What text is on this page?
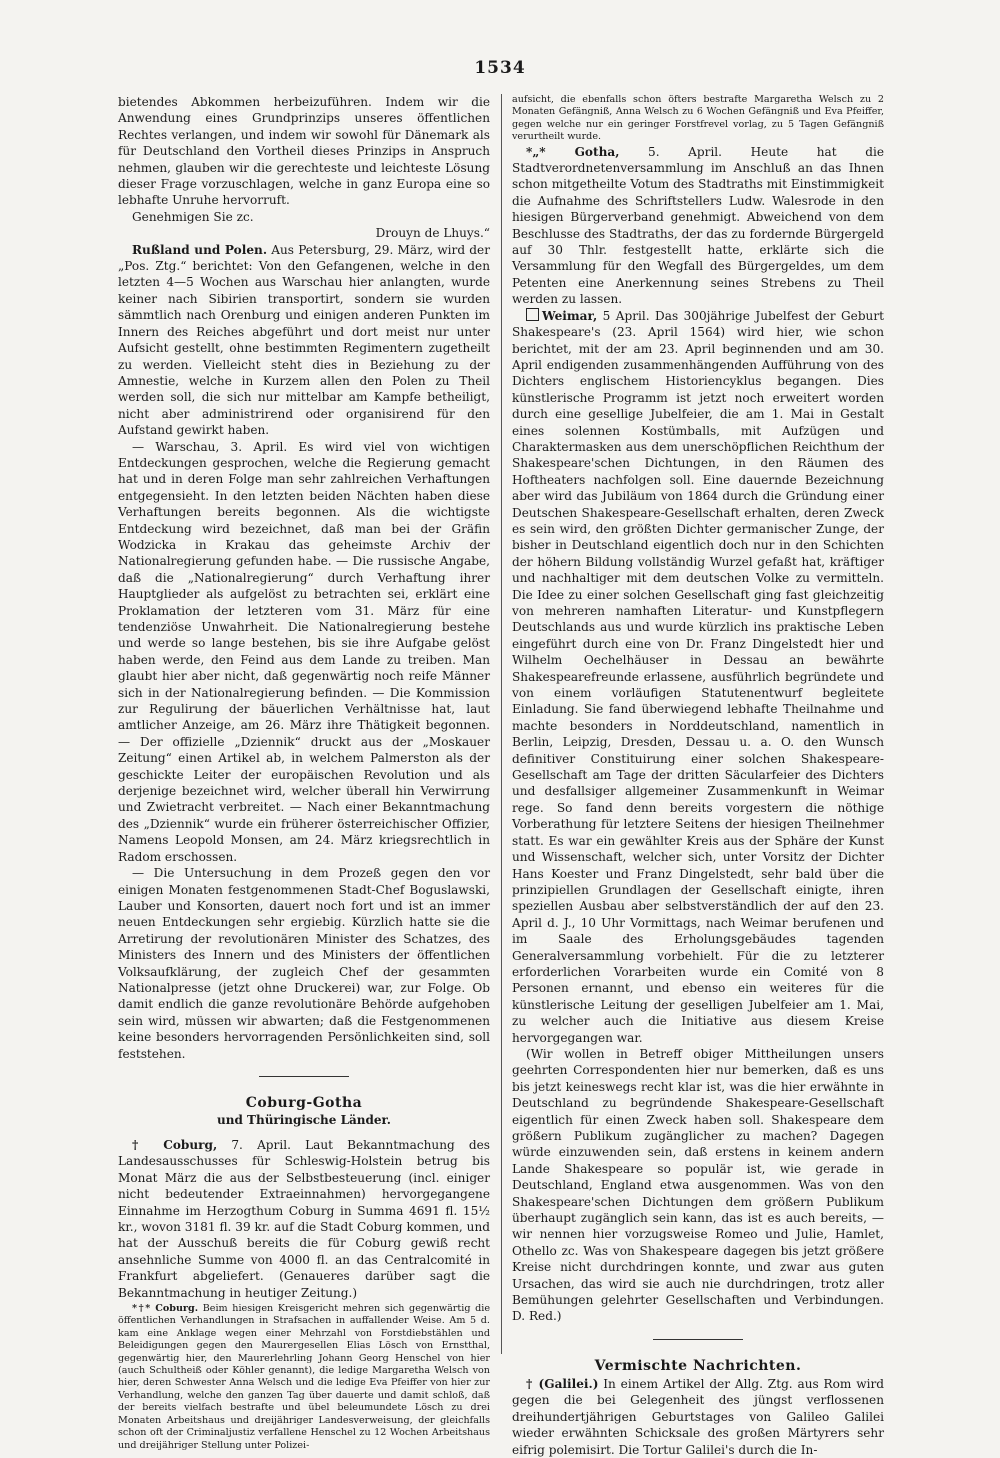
1534

bietendes Abkommen herbeizuführen. Indem wir die Anwendung eines Grundprinzips unseres öffentlichen Rechtes verlangen, und indem wir sowohl für Dänemark als für Deutschland den Vortheil dieses Prinzips in Anspruch nehmen, glauben wir die gerechteste und leichteste Lösung dieser Frage vorzuschlagen, welche in ganz Europa eine so lebhafte Unruhe hervorruft.

Genehmigen Sie zc.

Drouyn de Lhuys.“

Rußland und Polen. Aus Petersburg, 29. März, wird der „Pos. Ztg.“ berichtet: Von den Gefangenen, welche in den letzten 4—5 Wochen aus Warschau hier anlangten, wurde keiner nach Sibirien transportirt, sondern sie wurden sämmtlich nach Orenburg und einigen anderen Punkten im Innern des Reiches abgeführt und dort meist nur unter Aufsicht gestellt, ohne bestimmten Regimentern zugetheilt zu werden. Vielleicht steht dies in Beziehung zu der Amnestie, welche in Kurzem allen den Polen zu Theil werden soll, die sich nur mittelbar am Kampfe betheiligt, nicht aber administrirend oder organisirend für den Aufstand gewirkt haben.

— Warschau, 3. April. Es wird viel von wichtigen Entdeckungen gesprochen, welche die Regierung gemacht hat und in deren Folge man sehr zahlreichen Verhaftungen entgegensieht. In den letzten beiden Nächten haben diese Verhaftungen bereits begonnen. Als die wichtigste Entdeckung wird bezeichnet, daß man bei der Gräfin Wodzicka in Krakau das geheimste Archiv der Nationalregierung gefunden habe. — Die russische Angabe, daß die „Nationalregierung“ durch Verhaftung ihrer Hauptglieder als aufgelöst zu betrachten sei, erklärt eine Proklamation der letzteren vom 31. März für eine tendenziöse Unwahrheit. Die Nationalregierung bestehe und werde so lange bestehen, bis sie ihre Aufgabe gelöst haben werde, den Feind aus dem Lande zu treiben. Man glaubt hier aber nicht, daß gegenwärtig noch reife Männer sich in der Nationalregierung befinden. — Die Kommission zur Regulirung der bäuerlichen Verhältnisse hat, laut amtlicher Anzeige, am 26. März ihre Thätigkeit begonnen. — Der offizielle „Dziennik“ druckt aus der „Moskauer Zeitung“ einen Artikel ab, in welchem Palmerston als der geschickte Leiter der europäischen Revolution und als derjenige bezeichnet wird, welcher überall hin Verwirrung und Zwietracht verbreitet. — Nach einer Bekanntmachung des „Dziennik“ wurde ein früherer österreichischer Offizier, Namens Leopold Monsen, am 24. März kriegsrechtlich in Radom erschossen.

— Die Untersuchung in dem Prozeß gegen den vor einigen Monaten festgenommenen Stadt-Chef Boguslawski, Lauber und Konsorten, dauert noch fort und ist an immer neuen Entdeckungen sehr ergiebig. Kürzlich hatte sie die Arretirung der revolutionären Minister des Schatzes, des Ministers des Innern und des Ministers der öffentlichen Volksaufklärung, der zugleich Chef der gesammten Nationalpresse (jetzt ohne Druckerei) war, zur Folge. Ob damit endlich die ganze revolutionäre Behörde aufgehoben sein wird, müssen wir abwarten; daß die Festgenommenen keine besonders hervorragenden Persönlichkeiten sind, soll feststehen.

Coburg-Gotha
und Thüringische Länder.

† Coburg, 7. April. Laut Bekanntmachung des Landesausschusses für Schleswig-Holstein betrug bis Monat März die aus der Selbstbesteuerung (incl. einiger nicht bedeutender Extraeinnahmen) hervorgegangene Einnahme im Herzogthum Coburg in Summa 4691 fl. 15½ kr., wovon 3181 fl. 39 kr. auf die Stadt Coburg kommen, und hat der Ausschuß bereits die für Coburg gewiß recht ansehnliche Summe von 4000 fl. an das Centralcomité in Frankfurt abgeliefert. (Genaueres darüber sagt die Bekanntmachung in heutiger Zeitung.)

*†* Coburg. Beim hiesigen Kreisgericht mehren sich gegenwärtig die öffentlichen Verhandlungen in Strafsachen in auffallender Weise. Am 5 d. kam eine Anklage wegen einer Mehrzahl von Forstdiebstählen und Beleidigungen gegen den Maurergesellen Elias Lösch von Ernstthal, gegenwärtig hier, den Maurerlehrling Johann Georg Henschel von hier (auch Schultheiß oder Köhler genannt), die ledige Margaretha Welsch von hier, deren Schwester Anna Welsch und die ledige Eva Pfeiffer von hier zur Verhandlung, welche den ganzen Tag über dauerte und damit schloß, daß der bereits vielfach bestrafte und übel beleumundete Lösch zu drei Monaten Arbeitshaus und dreijähriger Landesverweisung, der gleichfalls schon oft der Criminaljustiz verfallene Henschel zu 12 Wochen Arbeitshaus und dreijähriger Stellung unter Polizei-

aufsicht, die ebenfalls schon öfters bestrafte Margaretha Welsch zu 2 Monaten Gefängniß, Anna Welsch zu 6 Wochen Gefängniß und Eva Pfeiffer, gegen welche nur ein geringer Forstfrevel vorlag, zu 5 Tagen Gefängniß verurtheilt wurde.

*„* Gotha, 5. April. Heute hat die Stadtverordnetenversammlung im Anschluß an das Ihnen schon mitgetheilte Votum des Stadtraths mit Einstimmigkeit die Aufnahme des Schriftstellers Ludw. Walesrode in den hiesigen Bürgerverband genehmigt. Abweichend von dem Beschlusse des Stadtraths, der das zu fordernde Bürgergeld auf 30 Thlr. festgestellt hatte, erklärte sich die Versammlung für den Wegfall des Bürgergeldes, um dem Petenten eine Anerkennung seines Strebens zu Theil werden zu lassen.

Weimar, 5 April. Das 300jährige Jubelfest der Geburt Shakespeare's (23. April 1564) wird hier, wie schon berichtet, mit der am 23. April beginnenden und am 30. April endigenden zusammenhängenden Aufführung von des Dichters englischem Historiencyklus begangen. Dies künstlerische Programm ist jetzt noch erweitert worden durch eine gesellige Jubelfeier, die am 1. Mai in Gestalt eines solennen Kostümballs, mit Aufzügen und Charaktermasken aus dem unerschöpflichen Reichthum der Shakespeare'schen Dichtungen, in den Räumen des Hoftheaters nachfolgen soll. Eine dauernde Bezeichnung aber wird das Jubiläum von 1864 durch die Gründung einer Deutschen Shakespeare-Gesellschaft erhalten, deren Zweck es sein wird, den größten Dichter germanischer Zunge, der bisher in Deutschland eigentlich doch nur in den Schichten der höhern Bildung vollständig Wurzel gefaßt hat, kräftiger und nachhaltiger mit dem deutschen Volke zu vermitteln. Die Idee zu einer solchen Gesellschaft ging fast gleichzeitig von mehreren namhaften Literatur- und Kunstpflegern Deutschlands aus und wurde kürzlich ins praktische Leben eingeführt durch eine von Dr. Franz Dingelstedt hier und Wilhelm Oechelhäuser in Dessau an bewährte Shakespearefreunde erlassene, ausführlich begründete und von einem vorläufigen Statutenentwurf begleitete Einladung. Sie fand überwiegend lebhafte Theilnahme und machte besonders in Norddeutschland, namentlich in Berlin, Leipzig, Dresden, Dessau u. a. O. den Wunsch definitiver Constituirung einer solchen Shakespeare-Gesellschaft am Tage der dritten Säcularfeier des Dichters und desfallsiger allgemeiner Zusammenkunft in Weimar rege. So fand denn bereits vorgestern die nöthige Vorberathung für letztere Seitens der hiesigen Theilnehmer statt. Es war ein gewählter Kreis aus der Sphäre der Kunst und Wissenschaft, welcher sich, unter Vorsitz der Dichter Hans Koester und Franz Dingelstedt, sehr bald über die prinzipiellen Grundlagen der Gesellschaft einigte, ihren speziellen Ausbau aber selbstverständlich der auf den 23. April d. J., 10 Uhr Vormittags, nach Weimar berufenen und im Saale des Erholungsgebäudes tagenden Generalversammlung vorbehielt. Für die zu letzterer erforderlichen Vorarbeiten wurde ein Comité von 8 Personen ernannt, und ebenso ein weiteres für die künstlerische Leitung der geselligen Jubelfeier am 1. Mai, zu welcher auch die Initiative aus diesem Kreise hervorgegangen war.

(Wir wollen in Betreff obiger Mittheilungen unsers geehrten Correspondenten hier nur bemerken, daß es uns bis jetzt keineswegs recht klar ist, was die hier erwähnte in Deutschland zu begründende Shakespeare-Gesellschaft eigentlich für einen Zweck haben soll. Shakespeare dem größern Publikum zugänglicher zu machen? Dagegen würde einzuwenden sein, daß erstens in keinem andern Lande Shakespeare so populär ist, wie gerade in Deutschland, England etwa ausgenommen. Was von den Shakespeare'schen Dichtungen dem größern Publikum überhaupt zugänglich sein kann, das ist es auch bereits, — wir nennen hier vorzugsweise Romeo und Julie, Hamlet, Othello zc. Was von Shakespeare dagegen bis jetzt größere Kreise nicht durchdringen konnte, und zwar aus guten Ursachen, das wird sie auch nie durchdringen, trotz aller Bemühungen gelehrter Gesellschaften und Verbindungen. D. Red.)

Vermischte Nachrichten.

† (Galilei.) In einem Artikel der Allg. Ztg. aus Rom wird gegen die bei Gelegenheit des jüngst verflossenen dreihundertjährigen Geburtstages von Galileo Galilei wieder erwähnten Schicksale des großen Märtyrers sehr eifrig polemisirt. Die Tortur Galilei's durch die In-
